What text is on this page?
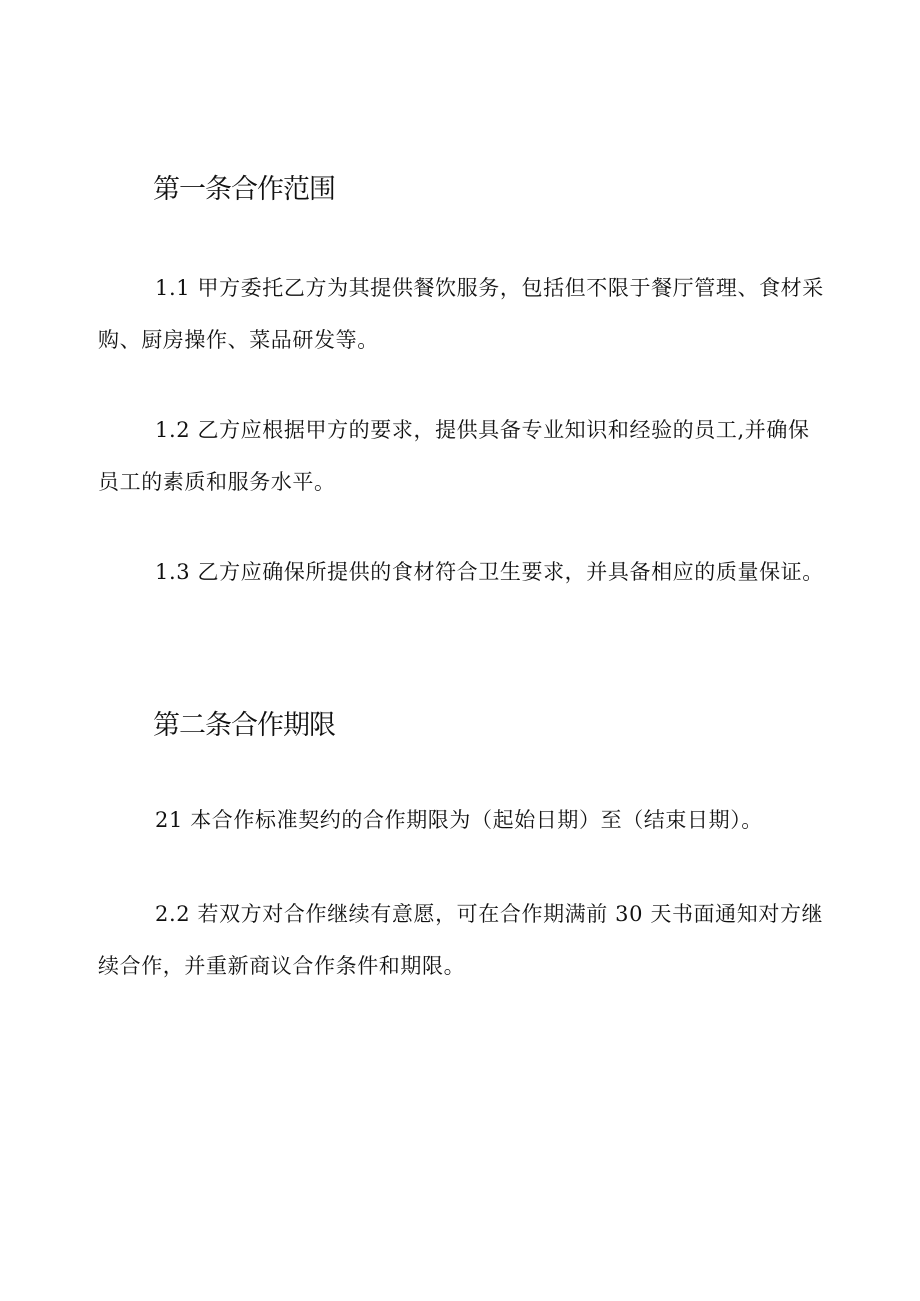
第一条合作范围

1.1 甲方委托乙方为其提供餐饮服务，包括但不限于餐厅管理、食材采购、厨房操作、菜品研发等。

1.2 乙方应根据甲方的要求，提供具备专业知识和经验的员工,并确保员工的素质和服务水平。

1.3 乙方应确保所提供的食材符合卫生要求，并具备相应的质量保证。

第二条合作期限

21 本合作标准契约的合作期限为（起始日期）至（结束日期）。

2.2 若双方对合作继续有意愿，可在合作期满前 30 天书面通知对方继续合作，并重新商议合作条件和期限。
